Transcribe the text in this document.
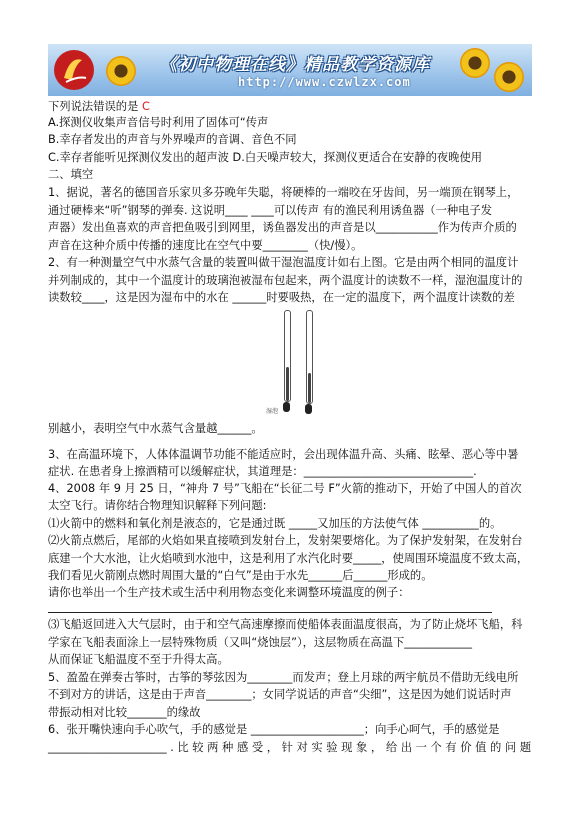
《初中物理在线》精品教学资源库
http://www.czwlzx.com
下列说法错误的是 C
A.探测仪收集声音信号时利用了固体可“传声
B.幸存者发出的声音与外界噪声的音调、音色不同
C.幸存者能听见探测仪发出的超声波 D.白天噪声较大，探测仪更适合在安静的夜晚使用
二、填空
1、据说，著名的德国音乐家贝多芬晚年失聪，将硬棒的一端咬在牙齿间，另一端顶在钢琴上，
通过硬棒来“听”钢琴的弹奏. 这说明____ ____可以传声 有的渔民利用诱鱼器（一种电子发
声器）发出鱼喜欢的声音把鱼吸引到网里，诱鱼器发出的声音是以___________作为传声介质的
声音在这种介质中传播的速度比在空气中要________（快/慢）。
2、有一种测量空气中水蒸气含量的装置叫做干湿泡温度计如右上图。它是由两个相同的温度计
并列制成的，其中一个温度计的玻璃泡被湿布包起来，两个温度计的读数不一样，湿泡温度计的
读数较____，这是因为湿布中的水在 ______时要吸热，在一定的温度下，两个温度计读数的差
湿泡
别越小，表明空气中水蒸气含量越______。
3、在高温环境下，人体体温调节功能不能适应时，会出现体温升高、头痛、眩晕、恶心等中暑
症状. 在患者身上擦酒精可以缓解症状，其道理是：______________________________.
4、2008 年 9 月 25 日，“神舟 7 号”飞船在“长征二号 F”火箭的推动下，开始了中国人的首次
太空飞行。请你结合物理知识解释下列问题:
⑴火箭中的燃料和氧化剂是液态的，它是通过既 _____又加压的方法使气体 __________的。
⑵火箭点燃后，尾部的火焰如果直接喷到发射台上，发射架要熔化。为了保护发射架，在发射台
底建一个大水池，让火焰喷到水池中，这是利用了水汽化时要_____，使周围环境温度不致太高，
我们看见火箭刚点燃时周围大量的“白气”是由于水先______后______形成的。
请你也举出一个生产技术或生活中利用物态变化来调整环境温度的例子：
⑶飞船返回进入大气层时，由于和空气高速摩擦而使船体表面温度很高，为了防止烧坏飞船，科
学家在飞船表面涂上一层特殊物质（又叫“烧蚀层”），这层物质在高温下____________
从而保证飞船温度不至于升得太高。
5、盈盈在弹奏古筝时，古筝的琴弦因为________而发声；登上月球的两宇航员不借助无线电所
不到对方的讲话，这是由于声音________；女同学说话的声音“尖细”，这是因为她们说话时声
带振动相对比较_______的缘故
6、张开嘴快速向手心吹气，手的感觉是 ____________________；向手心呵气，手的感觉是
_____________________ . 比 较 两 种 感 受 ， 针 对 实 验 现 象 ， 给 出 一 个 有 价 值 的 问 题
